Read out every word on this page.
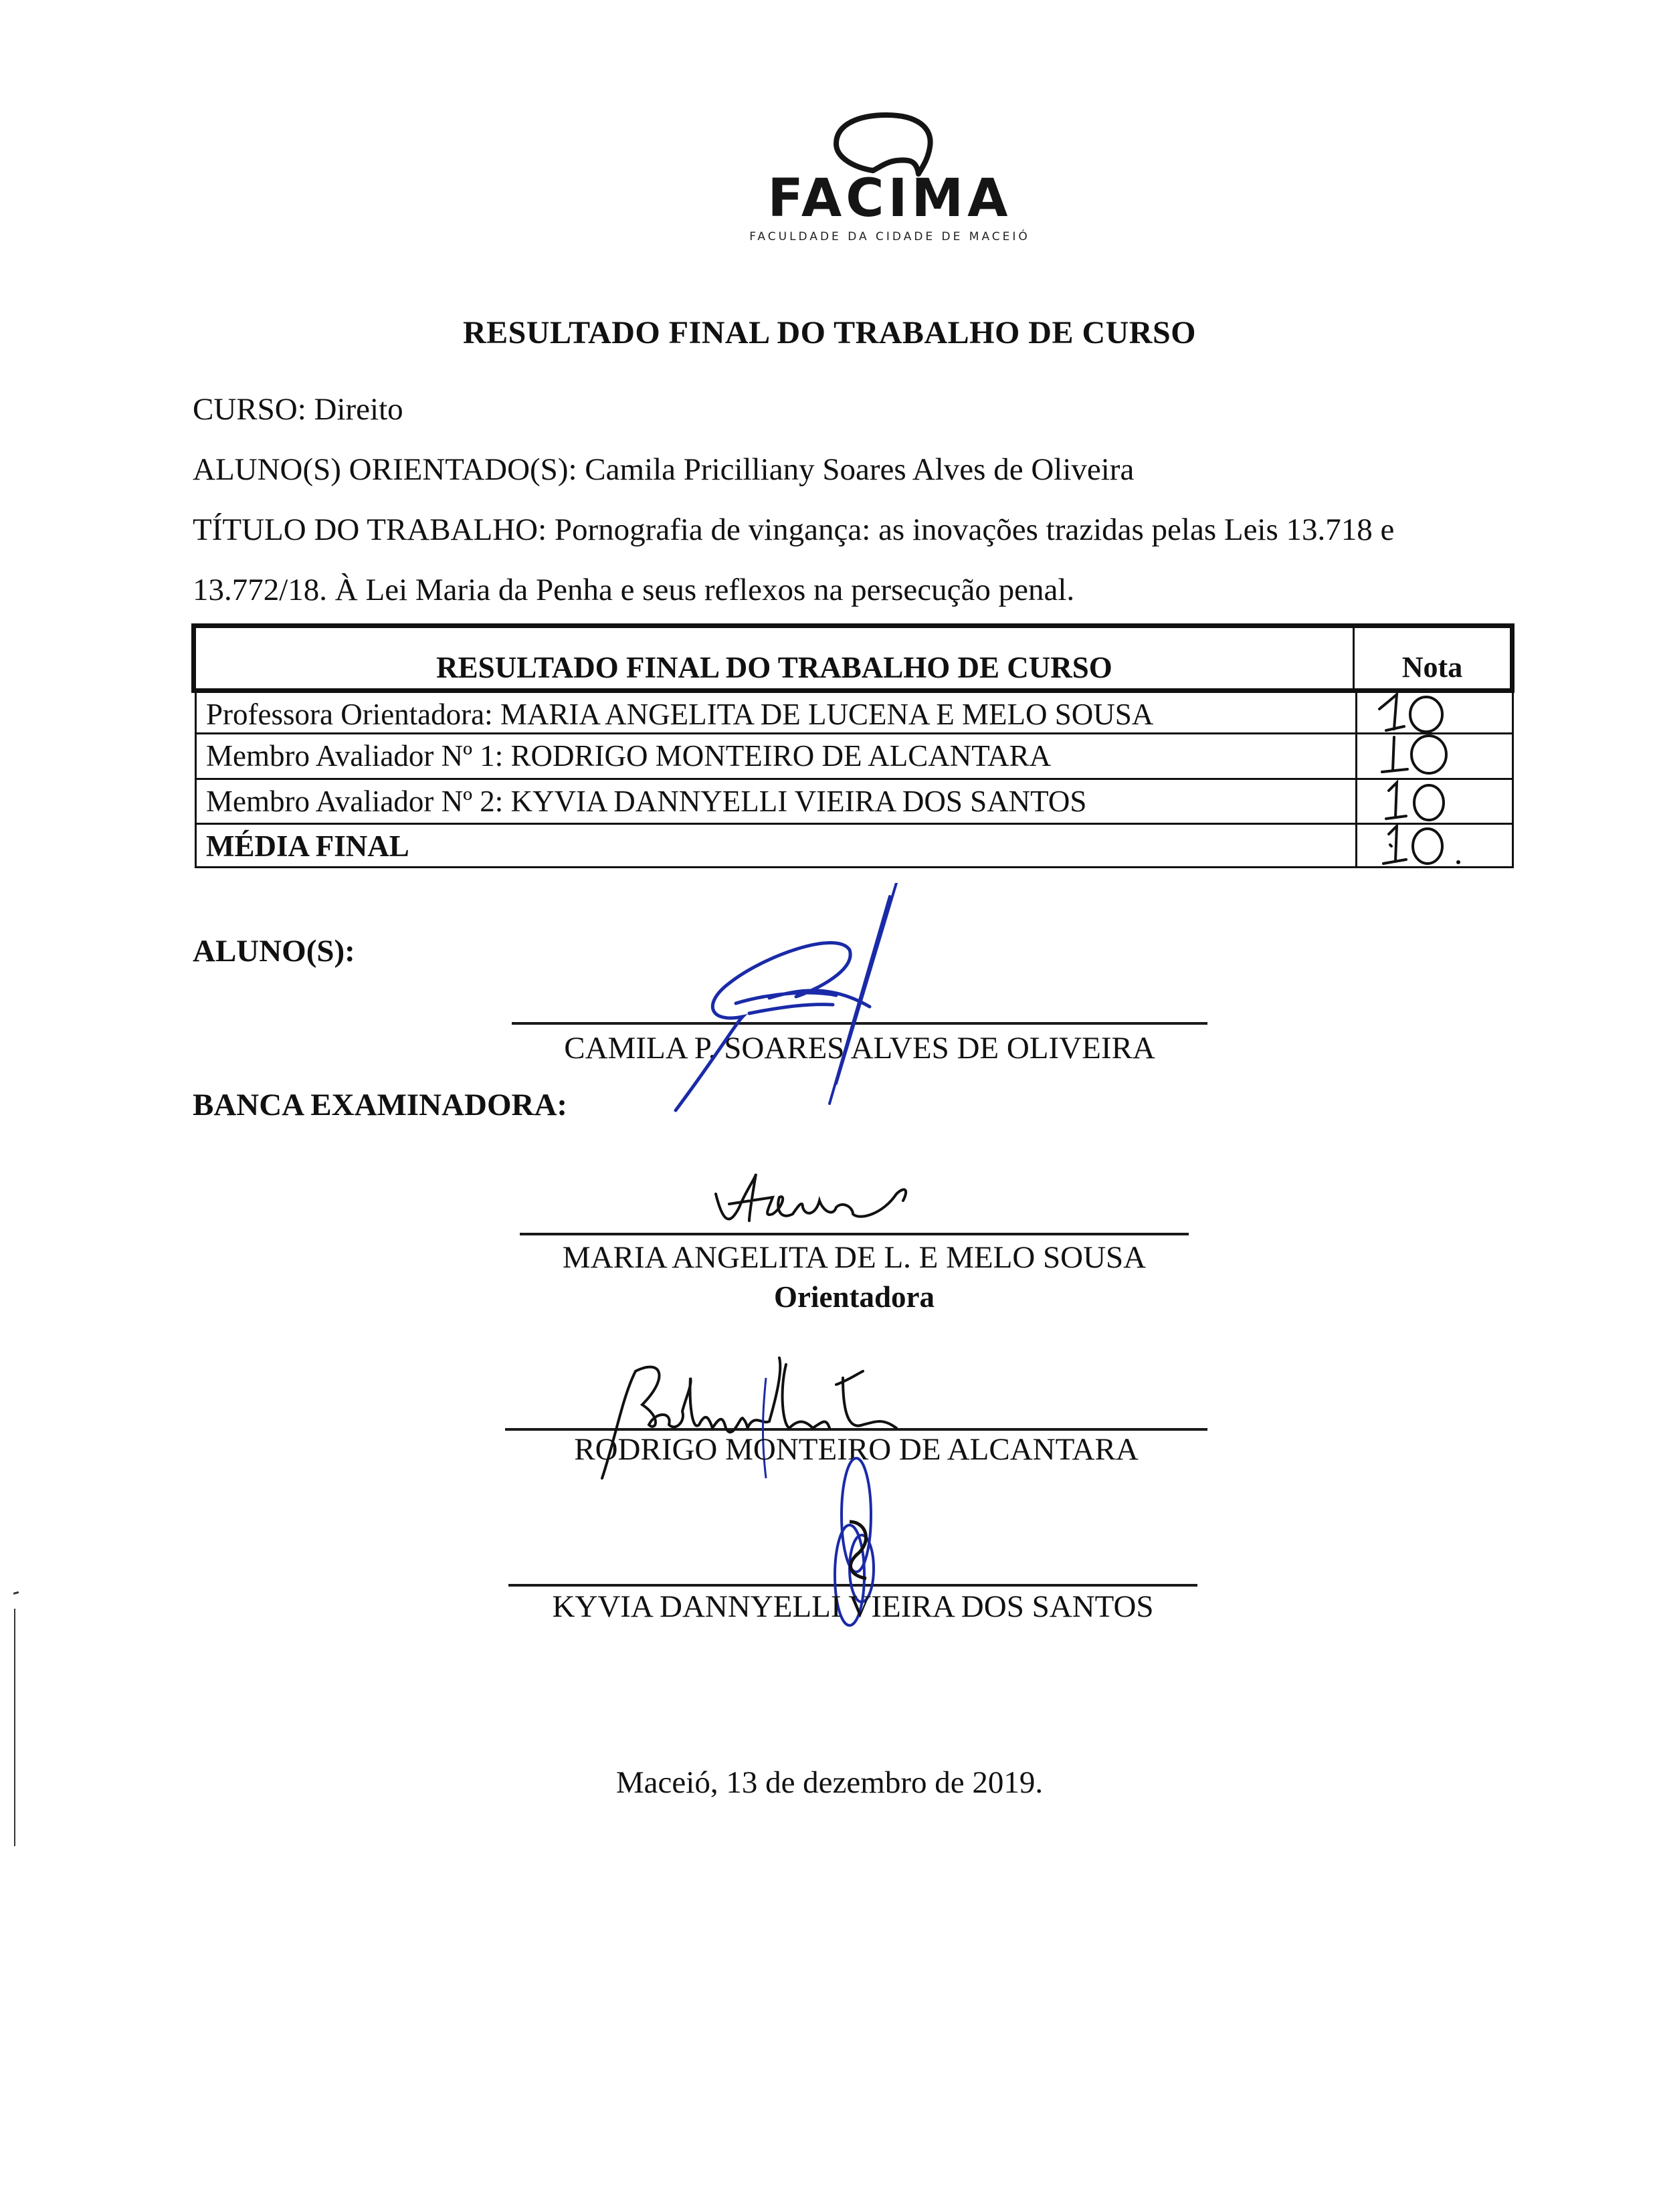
FACIMA
FACULDADE DA CIDADE DE MACEIÓ
RESULTADO FINAL DO TRABALHO DE CURSO
CURSO: Direito
ALUNO(S) ORIENTADO(S): Camila Pricilliany Soares Alves de Oliveira
TÍTULO DO TRABALHO: Pornografia de vingança: as inovações trazidas pelas Leis 13.718 e
13.772/18. À Lei Maria da Penha e seus reflexos na persecução penal.
RESULTADO FINAL DO TRABALHO DE CURSO	Nota
Professora Orientadora: MARIA ANGELITA DE LUCENA E MELO SOUSA
Membro Avaliador Nº 1: RODRIGO MONTEIRO DE ALCANTARA
Membro Avaliador Nº 2: KYVIA DANNYELLI VIEIRA DOS SANTOS
MÉDIA FINAL
ALUNO(S):
CAMILA P. SOARES ALVES DE OLIVEIRA
BANCA EXAMINADORA:
MARIA ANGELITA DE L. E MELO SOUSA
Orientadora
RODRIGO MONTEIRO DE ALCANTARA
KYVIA DANNYELLI VIEIRA DOS SANTOS
Maceió, 13 de dezembro de 2019.
